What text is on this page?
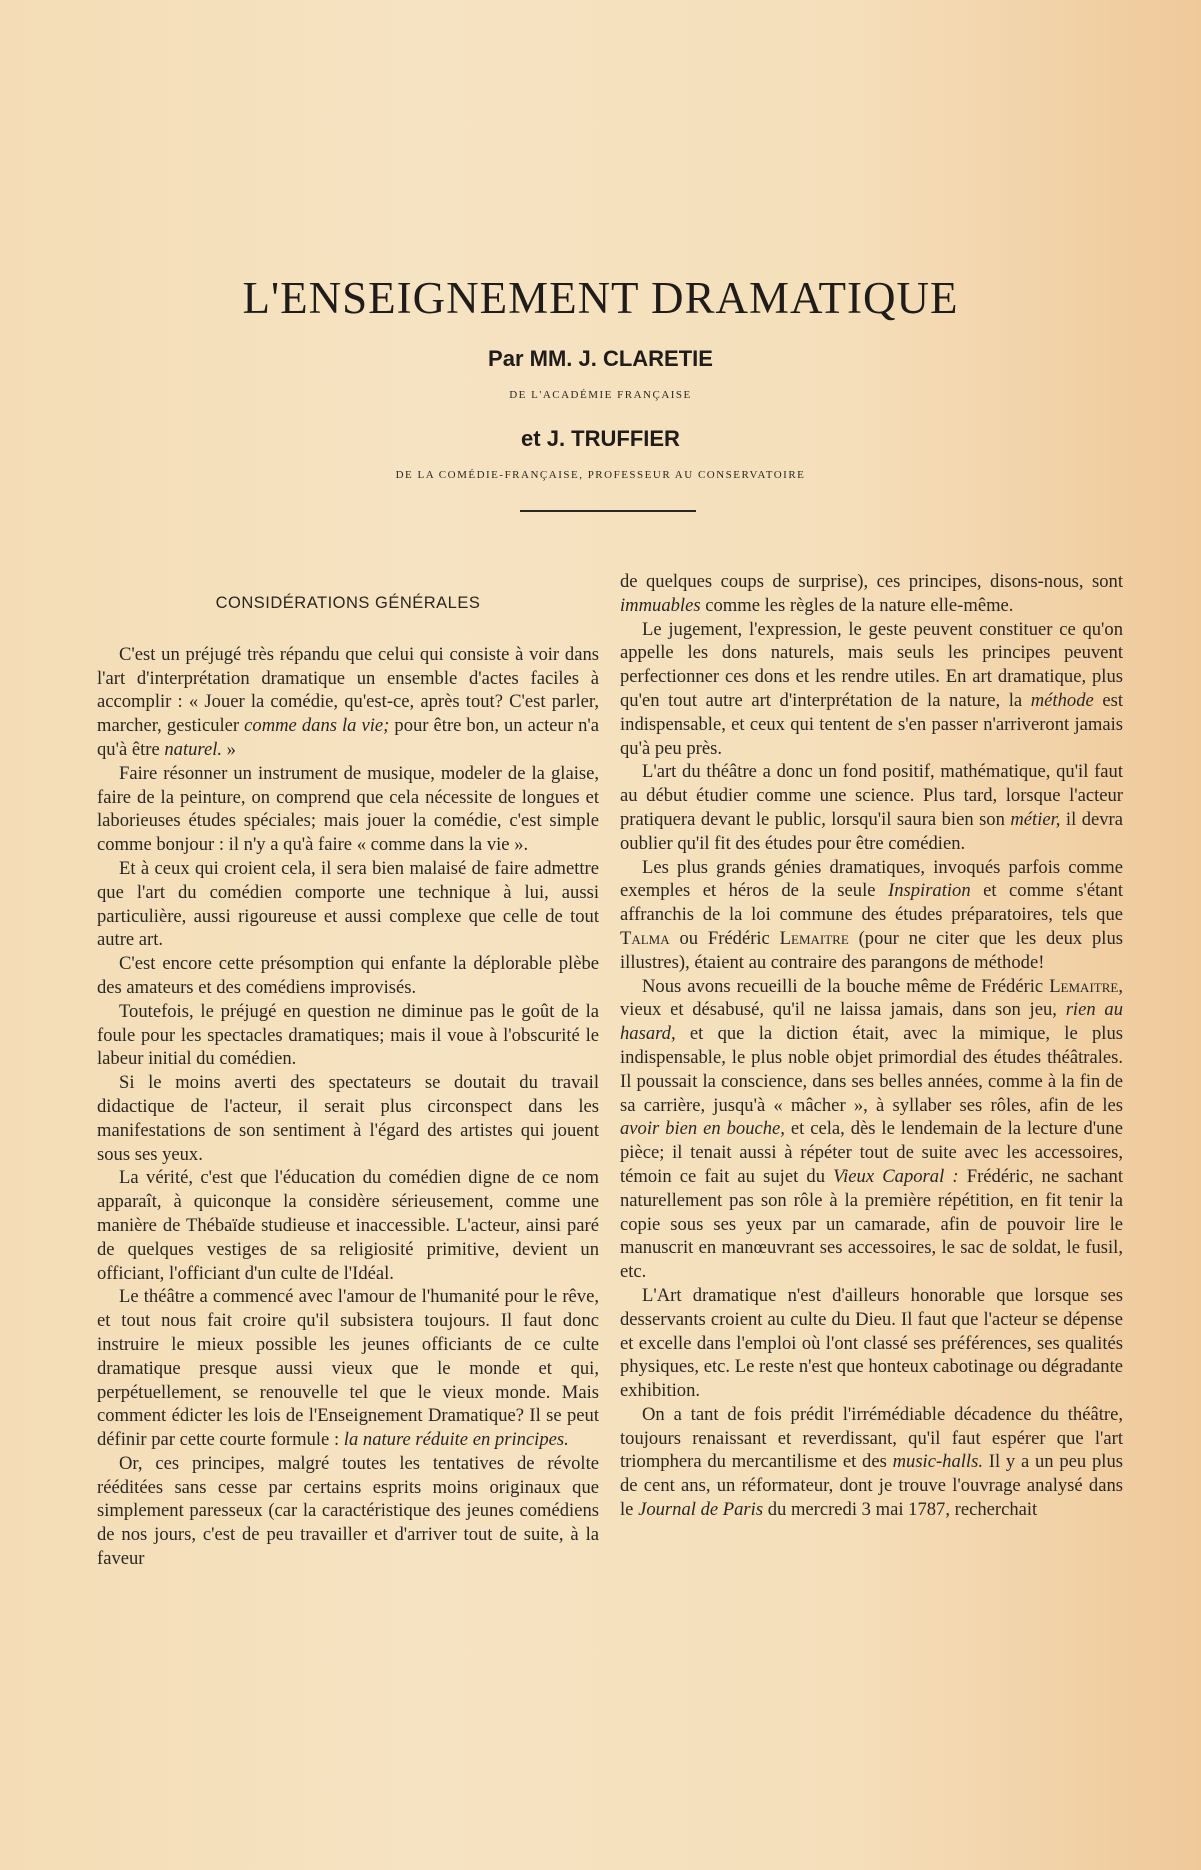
L'ENSEIGNEMENT DRAMATIQUE
Par MM. J. CLARETIE
DE L'ACADÉMIE FRANÇAISE
et J. TRUFFIER
DE LA COMÉDIE-FRANÇAISE, PROFESSEUR AU CONSERVATOIRE
CONSIDÉRATIONS GÉNÉRALES

C'est un préjugé très répandu que celui qui consiste à voir dans l'art d'interprétation dramatique un ensemble d'actes faciles à accomplir : « Jouer la comédie, qu'est-ce, après tout? C'est parler, marcher, gesticuler comme dans la vie; pour être bon, un acteur n'a qu'à être naturel. »

Faire résonner un instrument de musique, modeler de la glaise, faire de la peinture, on comprend que cela nécessite de longues et laborieuses études spéciales; mais jouer la comédie, c'est simple comme bonjour : il n'y a qu'à faire « comme dans la vie ».

Et à ceux qui croient cela, il sera bien malaisé de faire admettre que l'art du comédien comporte une technique à lui, aussi particulière, aussi rigoureuse et aussi complexe que celle de tout autre art.

C'est encore cette présomption qui enfante la déplorable plèbe des amateurs et des comédiens improvisés.

Toutefois, le préjugé en question ne diminue pas le goût de la foule pour les spectacles dramatiques; mais il voue à l'obscurité le labeur initial du comédien.

Si le moins averti des spectateurs se doutait du travail didactique de l'acteur, il serait plus circonspect dans les manifestations de son sentiment à l'égard des artistes qui jouent sous ses yeux.

La vérité, c'est que l'éducation du comédien digne de ce nom apparaît, à quiconque la considère sérieusement, comme une manière de Thébaïde studieuse et inaccessible. L'acteur, ainsi paré de quelques vestiges de sa religiosité primitive, devient un officiant, l'officiant d'un culte de l'Idéal.

Le théâtre a commencé avec l'amour de l'humanité pour le rêve, et tout nous fait croire qu'il subsistera toujours. Il faut donc instruire le mieux possible les jeunes officiants de ce culte dramatique presque aussi vieux que le monde et qui, perpétuellement, se renouvelle tel que le vieux monde. Mais comment édicter les lois de l'Enseignement Dramatique? Il se peut définir par cette courte formule : la nature réduite en principes.

Or, ces principes, malgré toutes les tentatives de révolte rééditées sans cesse par certains esprits moins originaux que simplement paresseux (car la caractéristique des jeunes comédiens de nos jours, c'est de peu travailler et d'arriver tout de suite, à la faveur

de quelques coups de surprise), ces principes, disons-nous, sont immuables comme les règles de la nature elle-même.

Le jugement, l'expression, le geste peuvent constituer ce qu'on appelle les dons naturels, mais seuls les principes peuvent perfectionner ces dons et les rendre utiles. En art dramatique, plus qu'en tout autre art d'interprétation de la nature, la méthode est indispensable, et ceux qui tentent de s'en passer n'arriveront jamais qu'à peu près.

L'art du théâtre a donc un fond positif, mathématique, qu'il faut au début étudier comme une science. Plus tard, lorsque l'acteur pratiquera devant le public, lorsqu'il saura bien son métier, il devra oublier qu'il fit des études pour être comédien.

Les plus grands génies dramatiques, invoqués parfois comme exemples et héros de la seule Inspiration et comme s'étant affranchis de la loi commune des études préparatoires, tels que Talma ou Frédéric Lemaitre (pour ne citer que les deux plus illustres), étaient au contraire des parangons de méthode!

Nous avons recueilli de la bouche même de Frédéric Lemaitre, vieux et désabusé, qu'il ne laissa jamais, dans son jeu, rien au hasard, et que la diction était, avec la mimique, le plus indispensable, le plus noble objet primordial des études théâtrales. Il poussait la conscience, dans ses belles années, comme à la fin de sa carrière, jusqu'à « mâcher », à syllaber ses rôles, afin de les avoir bien en bouche, et cela, dès le lendemain de la lecture d'une pièce; il tenait aussi à répéter tout de suite avec les accessoires, témoin ce fait au sujet du Vieux Caporal : Frédéric, ne sachant naturellement pas son rôle à la première répétition, en fit tenir la copie sous ses yeux par un camarade, afin de pouvoir lire le manuscrit en manœuvrant ses accessoires, le sac de soldat, le fusil, etc.

L'Art dramatique n'est d'ailleurs honorable que lorsque ses desservants croient au culte du Dieu. Il faut que l'acteur se dépense et excelle dans l'emploi où l'ont classé ses préférences, ses qualités physiques, etc. Le reste n'est que honteux cabotinage ou dégradante exhibition.

On a tant de fois prédit l'irrémédiable décadence du théâtre, toujours renaissant et reverdissant, qu'il faut espérer que l'art triomphera du mercantilisme et des music-halls. Il y a un peu plus de cent ans, un réformateur, dont je trouve l'ouvrage analysé dans le Journal de Paris du mercredi 3 mai 1787, recherchait
